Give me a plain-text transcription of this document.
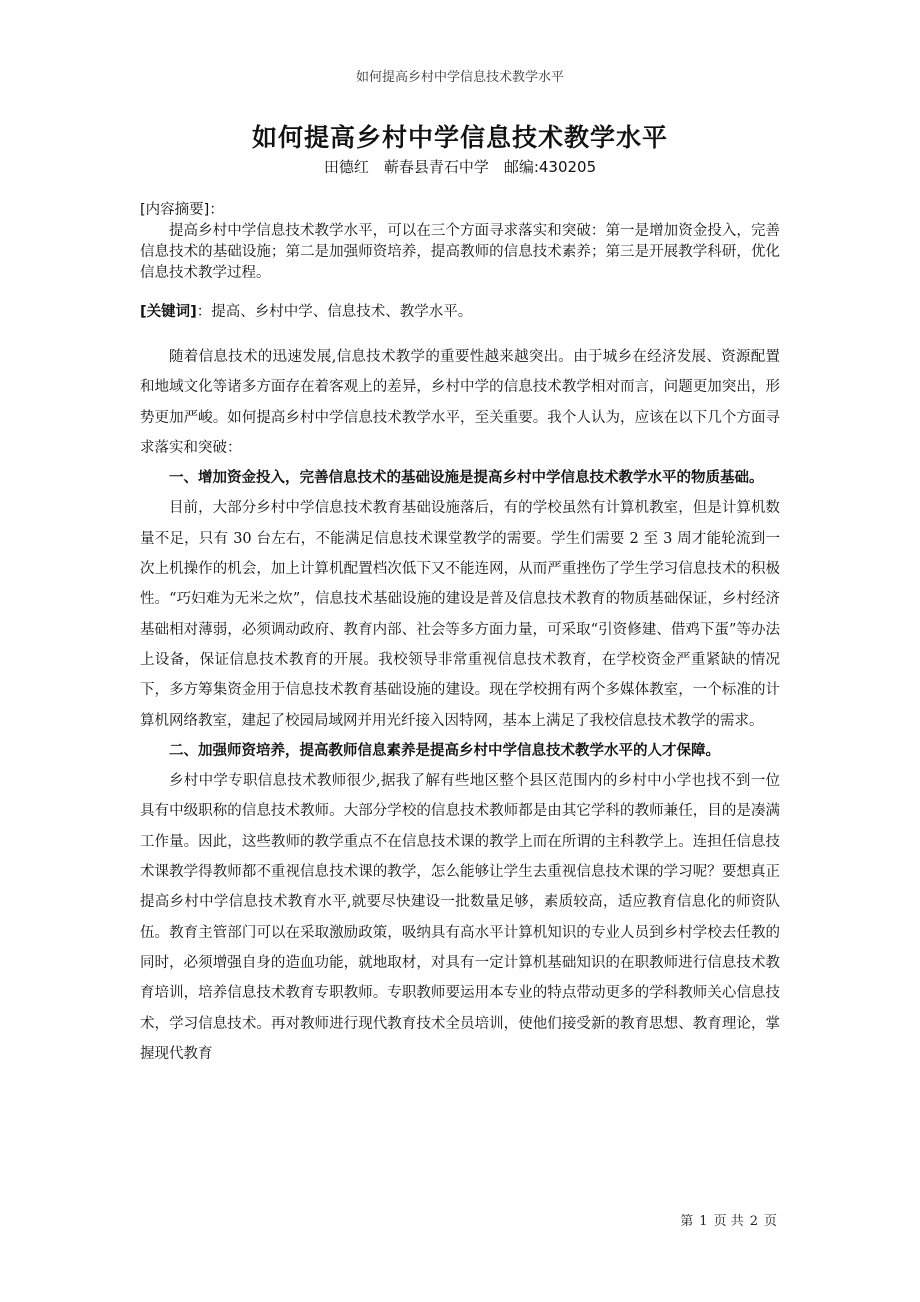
如何提高乡村中学信息技术教学水平
如何提高乡村中学信息技术教学水平
田德红　蕲春县青石中学　邮编:430205
[内容摘要]：

提高乡村中学信息技术教学水平，可以在三个方面寻求落实和突破：第一是增加资金投入，完善信息技术的基础设施；第二是加强师资培养，提高教师的信息技术素养；第三是开展教学科研，优化信息技术教学过程。

[关键词]：提高、乡村中学、信息技术、教学水平。

随着信息技术的迅速发展,信息技术教学的重要性越来越突出。由于城乡在经济发展、资源配置和地域文化等诸多方面存在着客观上的差异，乡村中学的信息技术教学相对而言，问题更加突出，形势更加严峻。如何提高乡村中学信息技术教学水平，至关重要。我个人认为，应该在以下几个方面寻求落实和突破：

一、增加资金投入，完善信息技术的基础设施是提高乡村中学信息技术教学水平的物质基础。

目前，大部分乡村中学信息技术教育基础设施落后，有的学校虽然有计算机教室，但是计算机数量不足，只有 30 台左右，不能满足信息技术课堂教学的需要。学生们需要 2 至 3 周才能轮流到一次上机操作的机会，加上计算机配置档次低下又不能连网，从而严重挫伤了学生学习信息技术的积极性。“巧妇难为无米之炊”，信息技术基础设施的建设是普及信息技术教育的物质基础保证，乡村经济基础相对薄弱，必须调动政府、教育内部、社会等多方面力量，可采取“引资修建、借鸡下蛋”等办法上设备，保证信息技术教育的开展。我校领导非常重视信息技术教育，在学校资金严重紧缺的情况下，多方筹集资金用于信息技术教育基础设施的建设。现在学校拥有两个多媒体教室，一个标准的计算机网络教室，建起了校园局域网并用光纤接入因特网，基本上满足了我校信息技术教学的需求。

二、加强师资培养，提高教师信息素养是提高乡村中学信息技术教学水平的人才保障。

乡村中学专职信息技术教师很少,据我了解有些地区整个县区范围内的乡村中小学也找不到一位具有中级职称的信息技术教师。大部分学校的信息技术教师都是由其它学科的教师兼任，目的是凑满工作量。因此，这些教师的教学重点不在信息技术课的教学上而在所谓的主科教学上。连担任信息技术课教学得教师都不重视信息技术课的教学，怎么能够让学生去重视信息技术课的学习呢？要想真正提高乡村中学信息技术教育水平,就要尽快建设一批数量足够，素质较高，适应教育信息化的师资队伍。教育主管部门可以在采取激励政策，吸纳具有高水平计算机知识的专业人员到乡村学校去任教的同时，必须增强自身的造血功能，就地取材，对具有一定计算机基础知识的在职教师进行信息技术教育培训，培养信息技术教育专职教师。专职教师要运用本专业的特点带动更多的学科教师关心信息技术，学习信息技术。再对教师进行现代教育技术全员培训，使他们接受新的教育思想、教育理论，掌握现代教育

第 1 页 共 2 页
